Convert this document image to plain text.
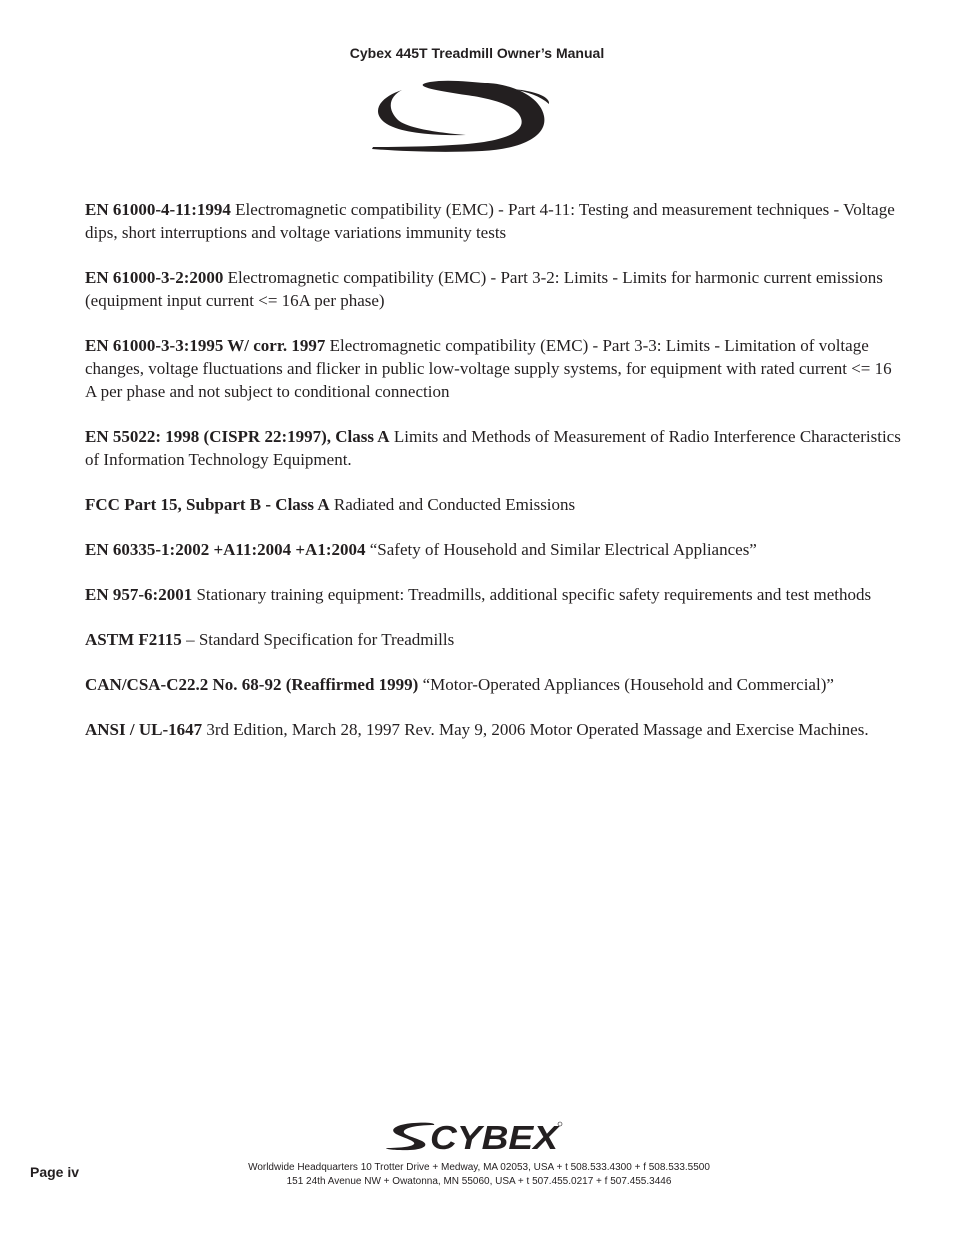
Cybex 445T Treadmill Owner’s Manual

EN 61000-4-11:1994 Electromagnetic compatibility (EMC) - Part 4-11: Testing and measurement techniques - Voltage dips, short interruptions and voltage variations immunity tests

EN 61000-3-2:2000 Electromagnetic compatibility (EMC) - Part 3-2: Limits - Limits for harmonic current emissions (equipment input current <= 16A per phase)

EN 61000-3-3:1995 W/ corr. 1997 Electromagnetic compatibility (EMC) - Part 3-3: Limits - Limitation of voltage changes, voltage fluctuations and flicker in public low-voltage supply systems, for equipment with rated current <= 16 A per phase and not subject to conditional connection

EN 55022: 1998 (CISPR 22:1997), Class A Limits and Methods of Measurement of Radio Interference Characteristics of Information Technology Equipment.

FCC Part 15, Subpart B - Class A Radiated and Conducted Emissions

EN 60335-1:2002 +A11:2004 +A1:2004 “Safety of Household and Similar Electrical Appliances”

EN 957-6:2001 Stationary training equipment: Treadmills, additional specific safety requirements and test methods

ASTM F2115 – Standard Specification for Treadmills

CAN/CSA-C22.2 No. 68-92 (Reaffirmed 1999) “Motor-Operated Appliances (Household and Commercial)”

ANSI / UL-1647 3rd Edition, March 28, 1997 Rev. May 9, 2006 Motor Operated Massage and Exercise Machines.

CYBEX
Page iv	Worldwide Headquarters 10 Trotter Drive + Medway, MA 02053, USA + t 508.533.4300 + f 508.533.5500
151 24th Avenue NW + Owatonna, MN 55060, USA + t 507.455.0217 + f 507.455.3446
